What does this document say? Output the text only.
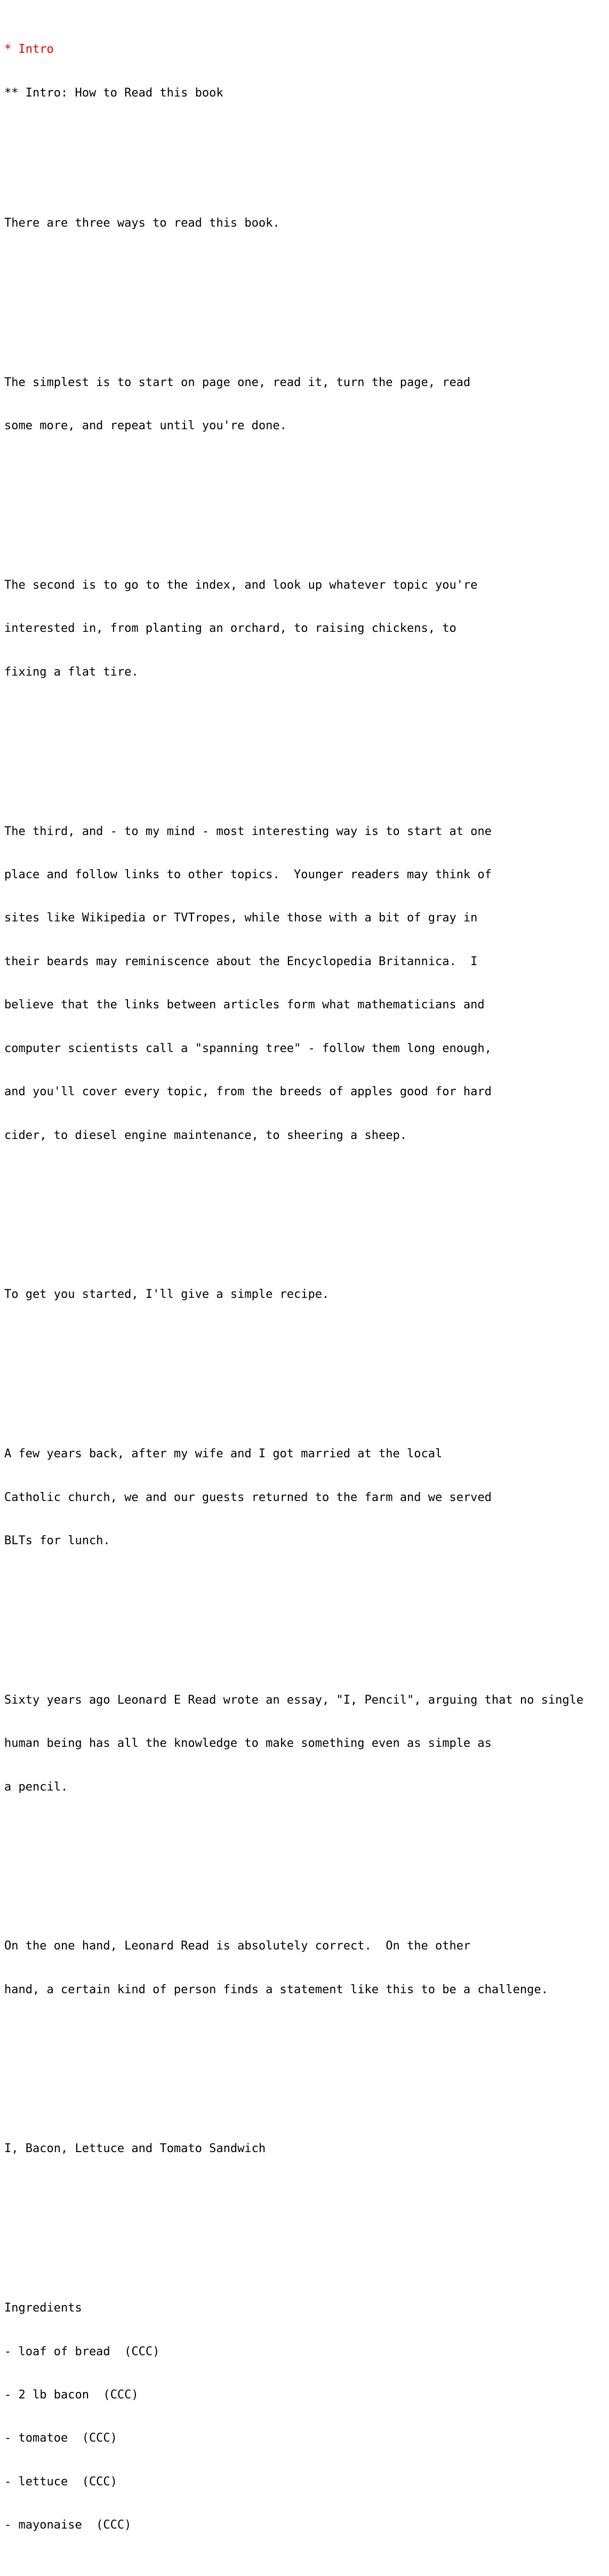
* Intro

** Intro: How to Read this book

There are three ways to read this book.

The simplest is to start on page one, read it, turn the page, read

some more, and repeat until you're done.

The second is to go to the index, and look up whatever topic you're

interested in, from planting an orchard, to raising chickens, to

fixing a flat tire.

The third, and - to my mind - most interesting way is to start at one

place and follow links to other topics.  Younger readers may think of

sites like Wikipedia or TVTropes, while those with a bit of gray in

their beards may reminiscence about the Encyclopedia Britannica.  I

believe that the links between articles form what mathematicians and

computer scientists call a "spanning tree" - follow them long enough,

and you'll cover every topic, from the breeds of apples good for hard

cider, to diesel engine maintenance, to sheering a sheep.

To get you started, I'll give a simple recipe.

A few years back, after my wife and I got married at the local

Catholic church, we and our guests returned to the farm and we served

BLTs for lunch.

Sixty years ago Leonard E Read wrote an essay, "I, Pencil", arguing that no single

human being has all the knowledge to make something even as simple as

a pencil.

On the one hand, Leonard Read is absolutely correct.  On the other

hand, a certain kind of person finds a statement like this to be a challenge.

I, Bacon, Lettuce and Tomato Sandwich

Ingredients

- loaf of bread  (CCC)

- 2 lb bacon  (CCC)

- tomatoe  (CCC)

- lettuce  (CCC)

- mayonaise  (CCC)
